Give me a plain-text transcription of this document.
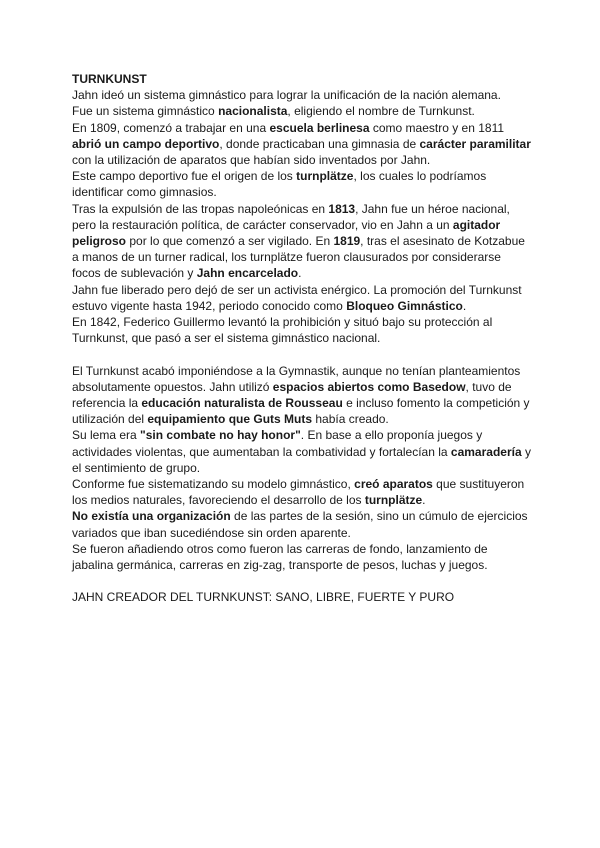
TURNKUNST

Jahn ideó un sistema gimnástico para lograr la unificación de la nación alemana.

Fue un sistema gimnástico nacionalista, eligiendo el nombre de Turnkunst.

En 1809, comenzó a trabajar en una escuela berlinesa como maestro y en 1811 abrió un campo deportivo, donde practicaban una gimnasia de carácter paramilitar con la utilización de aparatos que habían sido inventados por Jahn.

Este campo deportivo fue el origen de los turnplätze, los cuales lo podríamos identificar como gimnasios.

Tras la expulsión de las tropas napoleónicas en 1813, Jahn fue un héroe nacional, pero la restauración política, de carácter conservador, vio en Jahn a un agitador peligroso por lo que comenzó a ser vigilado. En 1819, tras el asesinato de Kotzabue a manos de un turner radical, los turnplätze fueron clausurados por considerarse focos de sublevación y Jahn encarcelado.

Jahn fue liberado pero dejó de ser un activista enérgico. La promoción del Turnkunst estuvo vigente hasta 1942, periodo conocido como Bloqueo Gimnástico.

En 1842, Federico Guillermo levantó la prohibición y situó bajo su protección al Turnkunst, que pasó a ser el sistema gimnástico nacional.

El Turnkunst acabó imponiéndose a la Gymnastik, aunque no tenían planteamientos absolutamente opuestos. Jahn utilizó espacios abiertos como Basedow, tuvo de referencia la educación naturalista de Rousseau e incluso fomento la competición y utilización del equipamiento que Guts Muts había creado.

Su lema era "sin combate no hay honor". En base a ello proponía juegos y actividades violentas, que aumentaban la combatividad y fortalecían la camaradería y el sentimiento de grupo.

Conforme fue sistematizando su modelo gimnástico, creó aparatos que sustituyeron los medios naturales, favoreciendo el desarrollo de los turnplätze.

No existía una organización de las partes de la sesión, sino un cúmulo de ejercicios variados que iban sucediéndose sin orden aparente.

Se fueron añadiendo otros como fueron las carreras de fondo, lanzamiento de jabalina germánica, carreras en zig-zag, transporte de pesos, luchas y juegos.

JAHN CREADOR DEL TURNKUNST: SANO, LIBRE, FUERTE Y PURO
